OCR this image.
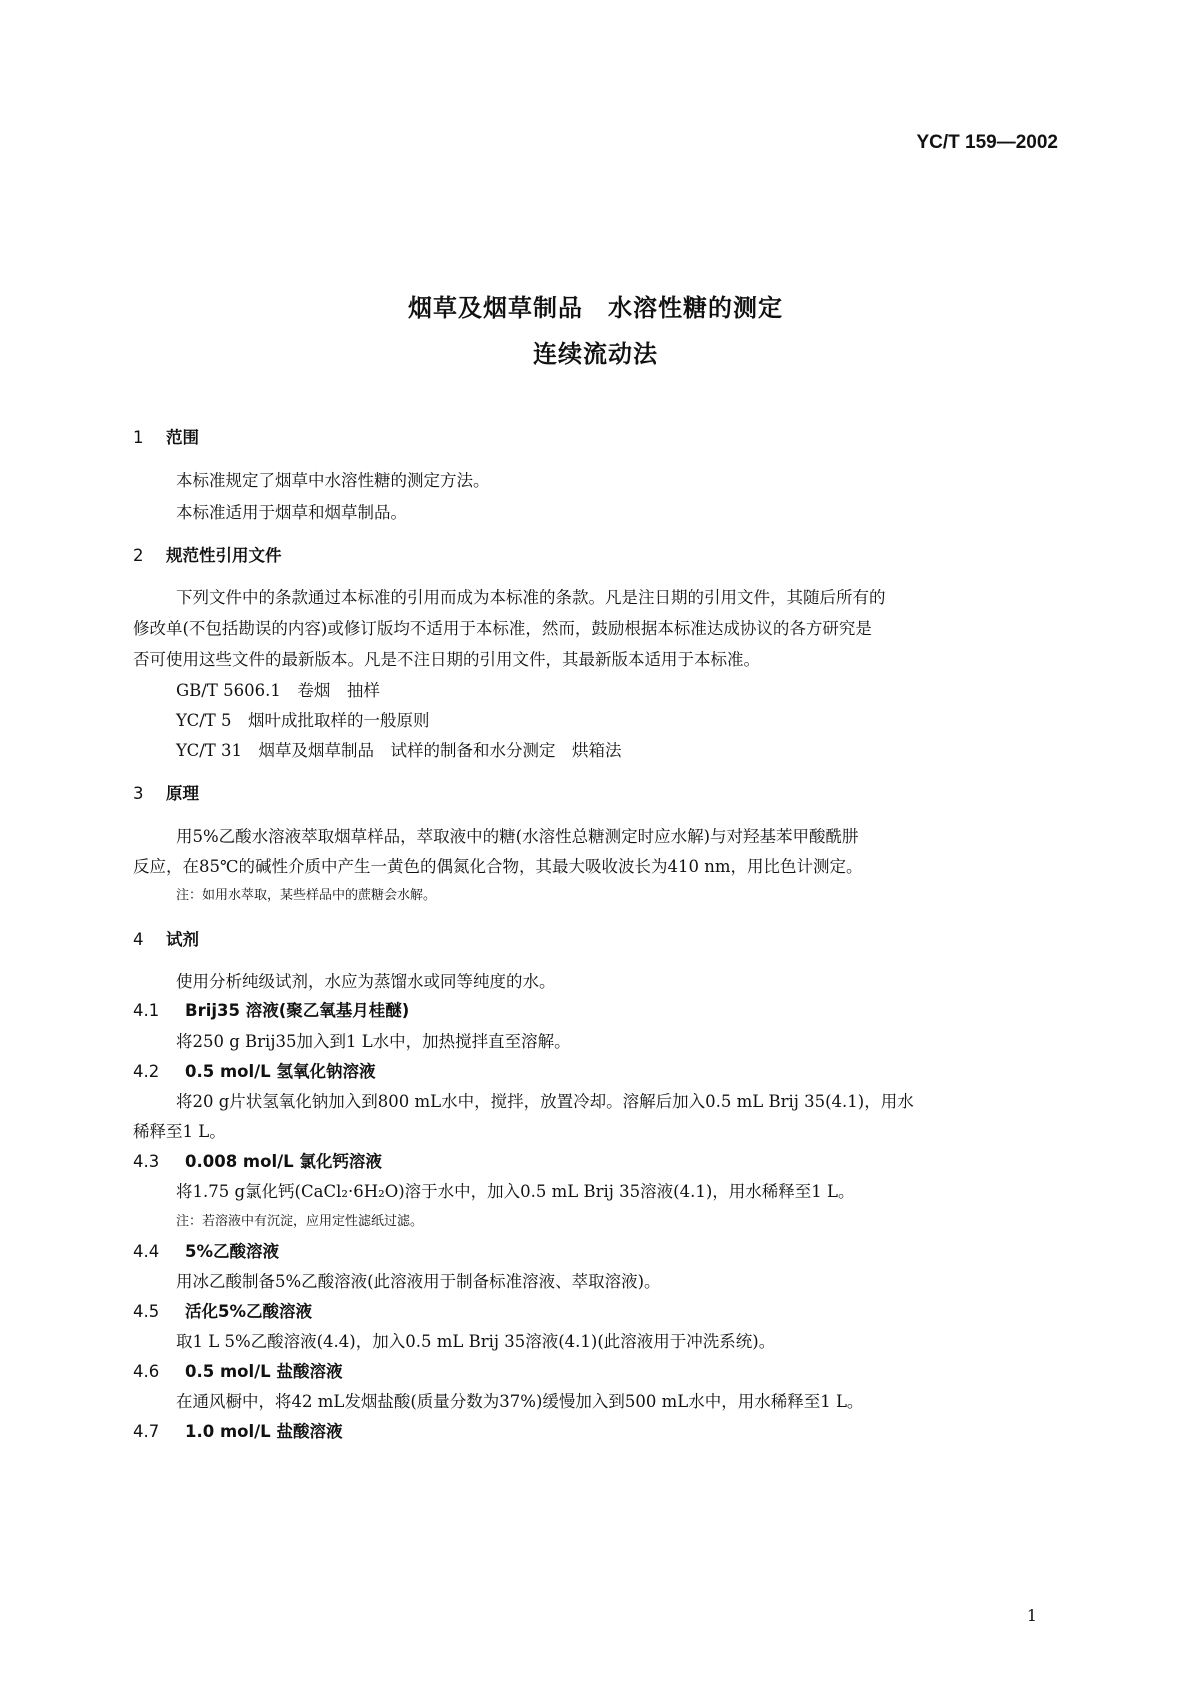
YC/T 159—2002
烟草及烟草制品　水溶性糖的测定
连续流动法
1 范围
本标准规定了烟草中水溶性糖的测定方法。
本标准适用于烟草和烟草制品。
2 规范性引用文件
下列文件中的条款通过本标准的引用而成为本标准的条款。凡是注日期的引用文件，其随后所有的
修改单(不包括勘误的内容)或修订版均不适用于本标准，然而，鼓励根据本标准达成协议的各方研究是
否可使用这些文件的最新版本。凡是不注日期的引用文件，其最新版本适用于本标准。
GB/T 5606.1　卷烟　抽样
YC/T 5　烟叶成批取样的一般原则
YC/T 31　烟草及烟草制品　试样的制备和水分测定　烘箱法
3 原理
用5%乙酸水溶液萃取烟草样品，萃取液中的糖(水溶性总糖测定时应水解)与对羟基苯甲酸酰肼
反应，在85℃的碱性介质中产生一黄色的偶氮化合物，其最大吸收波长为410 nm，用比色计测定。
注：如用水萃取，某些样品中的蔗糖会水解。
4 试剂
使用分析纯级试剂，水应为蒸馏水或同等纯度的水。
4.1 Brij35 溶液(聚乙氧基月桂醚)
将250 g Brij35加入到1 L水中，加热搅拌直至溶解。
4.2 0.5 mol/L 氢氧化钠溶液
将20 g片状氢氧化钠加入到800 mL水中，搅拌，放置冷却。溶解后加入0.5 mL Brij 35(4.1)，用水
稀释至1 L。
4.3 0.008 mol/L 氯化钙溶液
将1.75 g氯化钙(CaCl₂·6H₂O)溶于水中，加入0.5 mL Brij 35溶液(4.1)，用水稀释至1 L。
注：若溶液中有沉淀，应用定性滤纸过滤。
4.4 5%乙酸溶液
用冰乙酸制备5%乙酸溶液(此溶液用于制备标准溶液、萃取溶液)。
4.5 活化5%乙酸溶液
取1 L 5%乙酸溶液(4.4)，加入0.5 mL Brij 35溶液(4.1)(此溶液用于冲洗系统)。
4.6 0.5 mol/L 盐酸溶液
在通风橱中，将42 mL发烟盐酸(质量分数为37%)缓慢加入到500 mL水中，用水稀释至1 L。
4.7 1.0 mol/L 盐酸溶液
1
